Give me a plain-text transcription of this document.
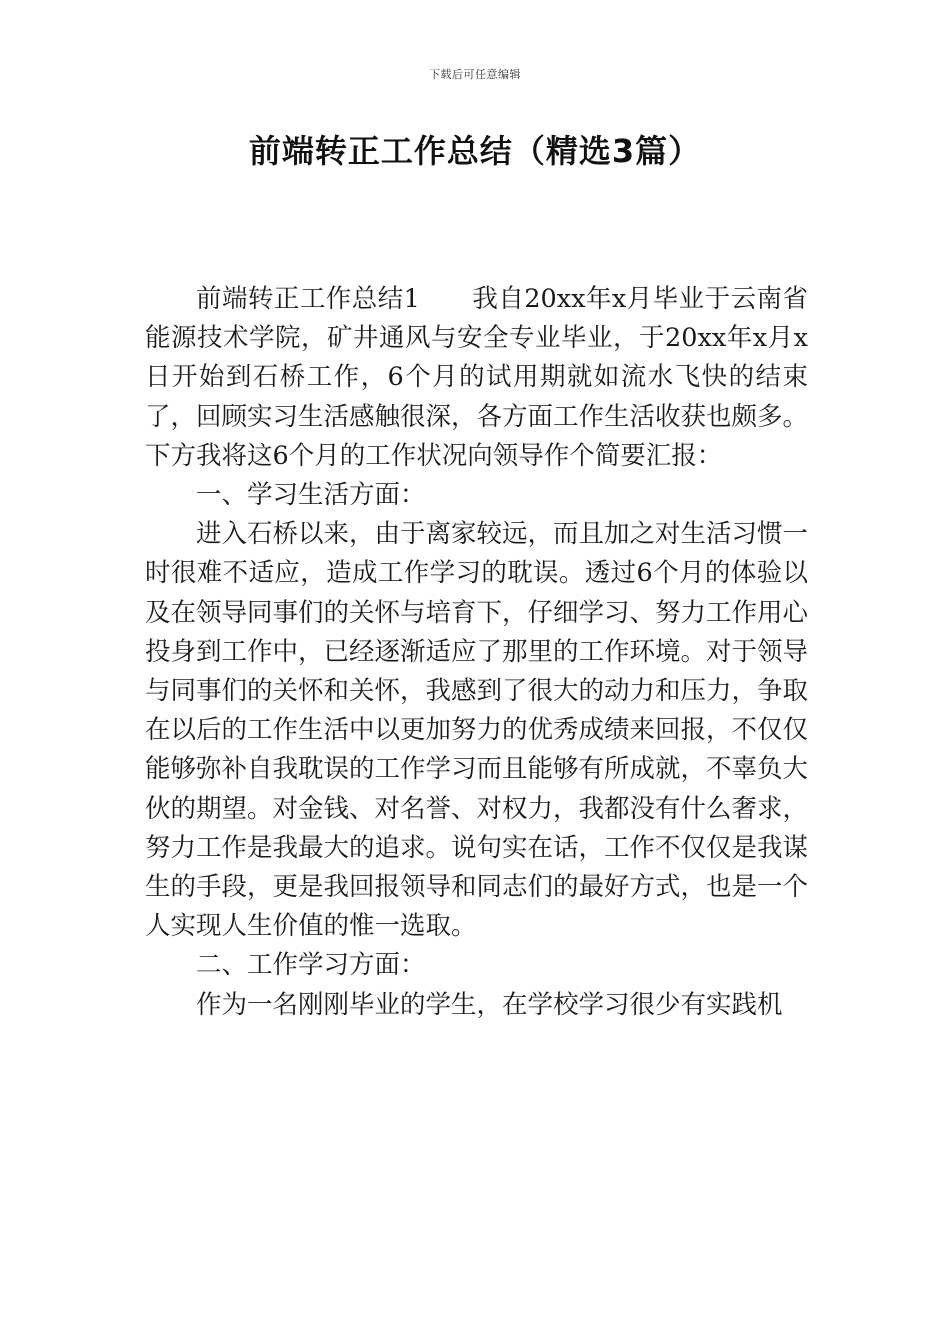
下载后可任意编辑
前端转正工作总结（精选3篇）

前端转正工作总结1 我自20xx年x月毕业于云南省能源技术学院，矿井通风与安全专业毕业，于20xx年x月x日开始到石桥工作，6个月的试用期就如流水飞快的结束了，回顾实习生活感触很深，各方面工作生活收获也颇多。下方我将这6个月的工作状况向领导作个简要汇报：

一、学习生活方面：

进入石桥以来，由于离家较远，而且加之对生活习惯一时很难不适应，造成工作学习的耽误。透过6个月的体验以及在领导同事们的关怀与培育下，仔细学习、努力工作用心投身到工作中，已经逐渐适应了那里的工作环境。对于领导与同事们的关怀和关怀，我感到了很大的动力和压力，争取在以后的工作生活中以更加努力的优秀成绩来回报，不仅仅能够弥补自我耽误的工作学习而且能够有所成就，不辜负大伙的期望。对金钱、对名誉、对权力，我都没有什么奢求，努力工作是我最大的追求。说句实在话，工作不仅仅是我谋生的手段，更是我回报领导和同志们的最好方式，也是一个人实现人生价值的惟一选取。

二、工作学习方面：

作为一名刚刚毕业的学生，在学校学习很少有实践机
